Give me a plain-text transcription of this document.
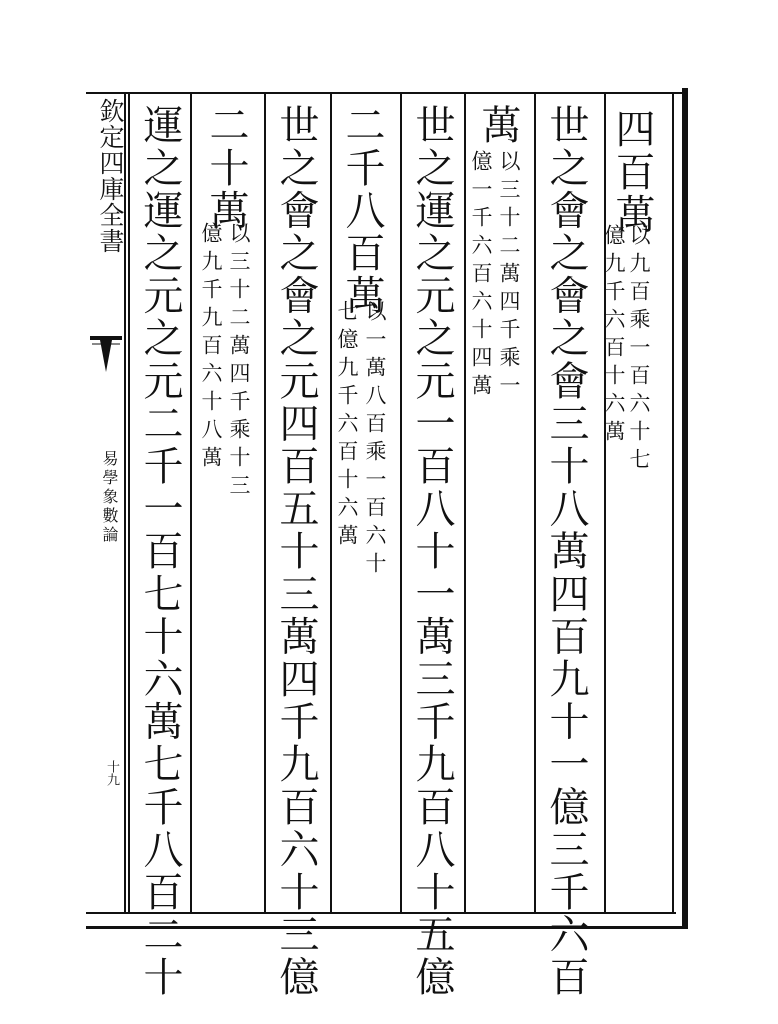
欽定四庫全書
易學象數論
十九
四百萬
以九百乘一百六十七
億九千六百十六萬
世之會之會之會三十八萬四百九十一億三千六百
萬
以三十二萬四千乘一
億一千六百六十四萬
世之運之元之元一百八十一萬三千九百八十五億
二千八百萬
以一萬八百乘一百六十
七億九千六百十六萬
世之會之會之元四百五十三萬四千九百六十三億
二十萬
以三十二萬四千乘十三
億九千九百六十八萬
運之運之元之元二千一百七十六萬七千八百二十
